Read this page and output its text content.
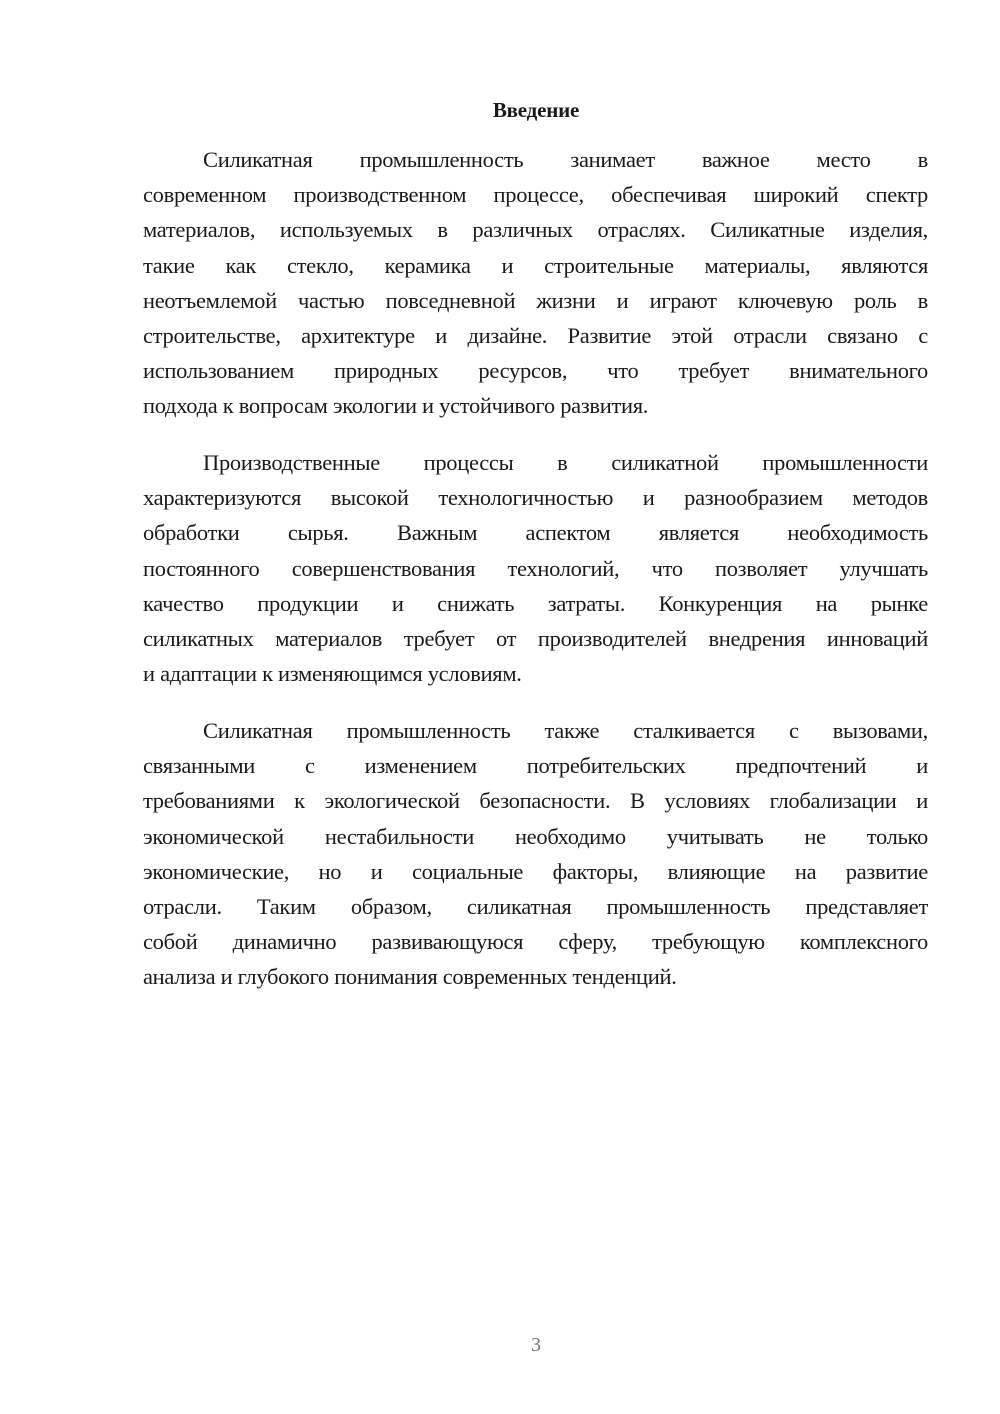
Введение
Силикатная промышленность занимает важное место в
современном производственном процессе, обеспечивая широкий спектр
материалов, используемых в различных отраслях. Силикатные изделия,
такие как стекло, керамика и строительные материалы, являются
неотъемлемой частью повседневной жизни и играют ключевую роль в
строительстве, архитектуре и дизайне. Развитие этой отрасли связано с
использованием природных ресурсов, что требует внимательного
подхода к вопросам экологии и устойчивого развития.
Производственные процессы в силикатной промышленности
характеризуются высокой технологичностью и разнообразием методов
обработки сырья. Важным аспектом является необходимость
постоянного совершенствования технологий, что позволяет улучшать
качество продукции и снижать затраты. Конкуренция на рынке
силикатных материалов требует от производителей внедрения инноваций
и адаптации к изменяющимся условиям.
Силикатная промышленность также сталкивается с вызовами,
связанными с изменением потребительских предпочтений и
требованиями к экологической безопасности. В условиях глобализации и
экономической нестабильности необходимо учитывать не только
экономические, но и социальные факторы, влияющие на развитие
отрасли. Таким образом, силикатная промышленность представляет
собой динамично развивающуюся сферу, требующую комплексного
анализа и глубокого понимания современных тенденций.
3
